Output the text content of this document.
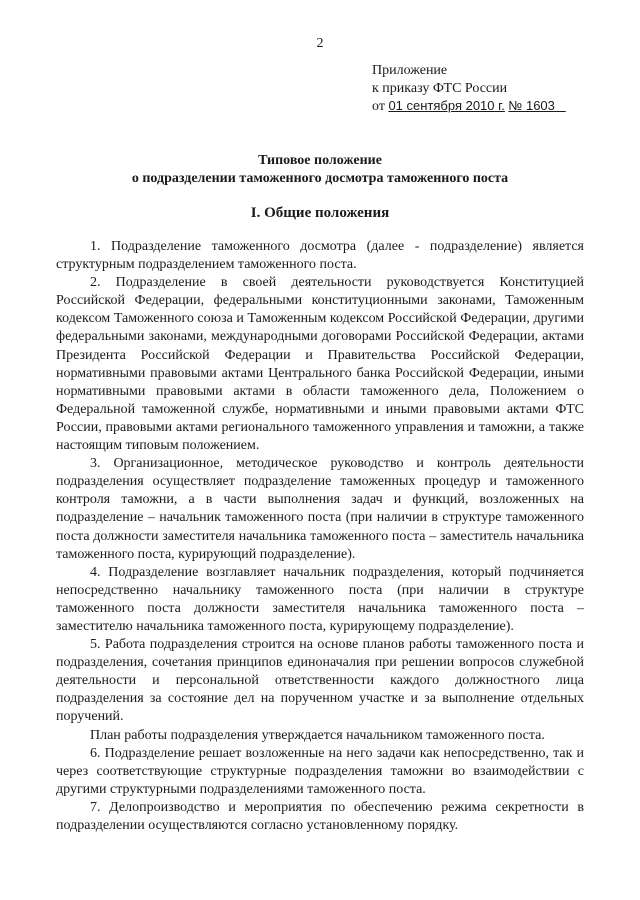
2
Приложение
к приказу ФТС России
от 01 сентября 2010 г. № 1603
Типовое положение
о подразделении таможенного досмотра таможенного поста
I. Общие положения

1. Подразделение таможенного досмотра (далее - подразделение) является структурным подразделением таможенного поста.

2. Подразделение в своей деятельности руководствуется Конституцией Российской Федерации, федеральными конституционными законами, Таможенным кодексом Таможенного союза и Таможенным кодексом Российской Федерации, другими федеральными законами, международными договорами Российской Федерации, актами Президента Российской Федерации и Правительства Российской Федерации, нормативными правовыми актами Центрального банка Российской Федерации, иными нормативными правовыми актами в области таможенного дела, Положением о Федеральной таможенной службе, нормативными и иными правовыми актами ФТС России, правовыми актами регионального таможенного управления и таможни, а также настоящим типовым положением.

3. Организационное, методическое руководство и контроль деятельности подразделения осуществляет подразделение таможенных процедур и таможенного контроля таможни, а в части выполнения задач и функций, возложенных на подразделение – начальник таможенного поста (при наличии в структуре таможенного поста должности заместителя начальника таможенного поста – заместитель начальника таможенного поста, курирующий подразделение).

4. Подразделение возглавляет начальник подразделения, который подчиняется непосредственно начальнику таможенного поста (при наличии в структуре таможенного поста должности заместителя начальника таможенного поста – заместителю начальника таможенного поста, курирующему подразделение).

5. Работа подразделения строится на основе планов работы таможенного поста и подразделения, сочетания принципов единоначалия при решении вопросов служебной деятельности и персональной ответственности каждого должностного лица подразделения за состояние дел на порученном участке и за выполнение отдельных поручений.

План работы подразделения утверждается начальником таможенного поста.

6. Подразделение решает возложенные на него задачи как непосредственно, так и через соответствующие структурные подразделения таможни во взаимодействии с другими структурными подразделениями таможенного поста.

7. Делопроизводство и мероприятия по обеспечению режима секретности в подразделении осуществляются согласно установленному порядку.
